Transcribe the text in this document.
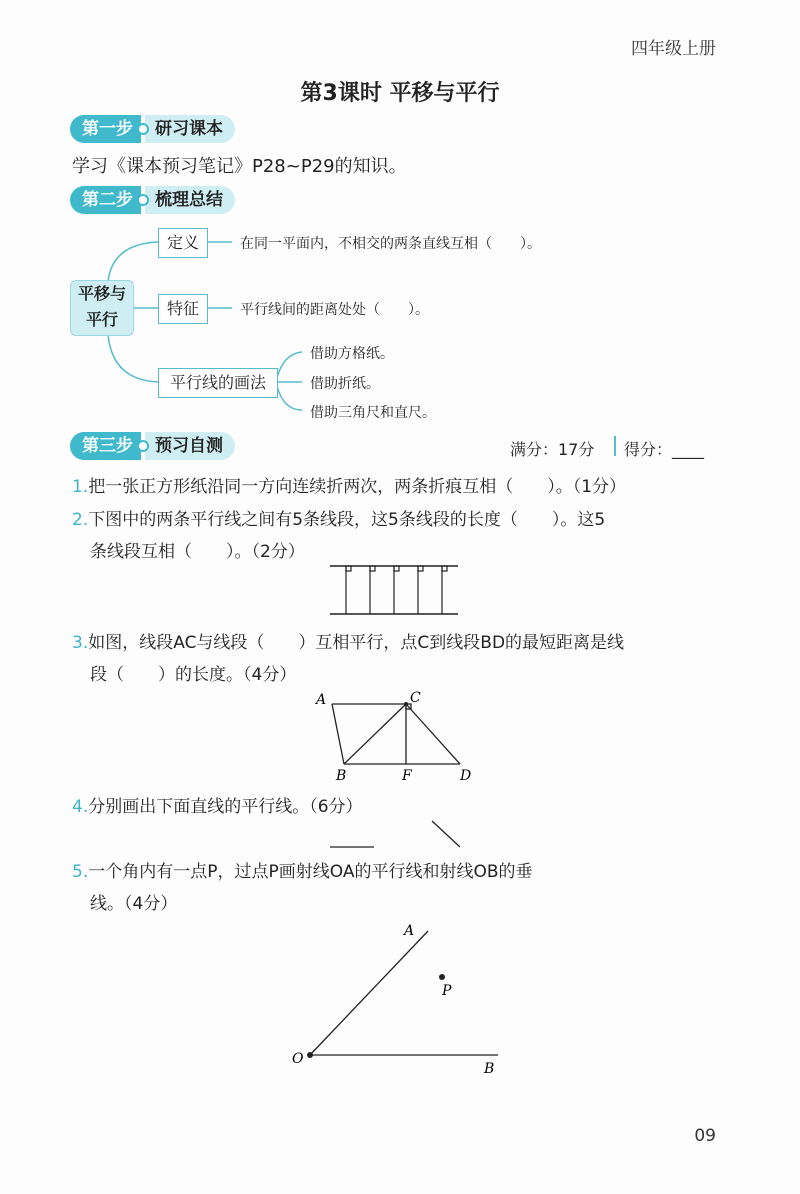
四年级上册
第3课时 平移与平行
第一步	研习课本
学习《课本预习笔记》P28~P29的知识。
第二步	梳理总结
平移与
平行
定义	在同一平面内，不相交的两条直线互相（　　）。
特征	平行线间的距离处处（　　）。
平行线的画法
借助方格纸。
借助折纸。
借助三角尺和直尺。
第三步	预习自测	满分：17分 得分：____
1.把一张正方形纸沿同一方向连续折两次，两条折痕互相（　　）。（1分）
2.下图中的两条平行线之间有5条线段，这5条线段的长度（　　）。这5
条线段互相（　　）。（2分）
3.如图，线段AC与线段（　　）互相平行，点C到线段BD的最短距离是线
段（　　）的长度。（4分）
A	C
B	F	D
4.分别画出下面直线的平行线。（6分）
5.一个角内有一点P，过点P画射线OA的平行线和射线OB的垂
线。（4分）
A
P
O
B
09
